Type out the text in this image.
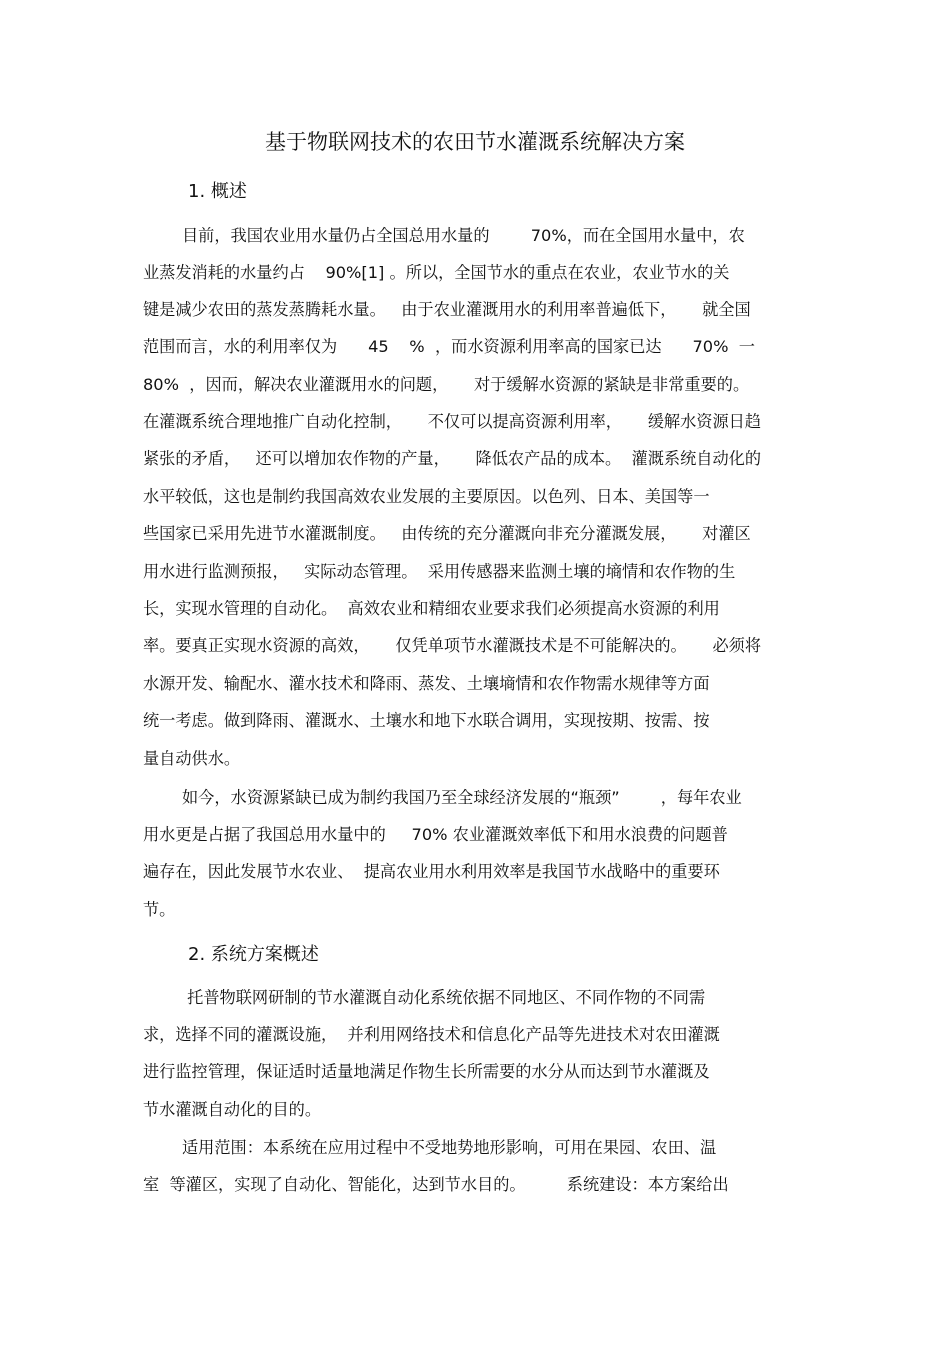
基于物联网技术的农田节水灌溉系统解决方案
1. 概述
目前，我国农业用水量仍占全国总用水量的        70%，而在全国用水量中，农
业蒸发消耗的水量约占    90%[1] 。所以，全国节水的重点在农业，农业节水的关
键是减少农田的蒸发蒸腾耗水量。   由于农业灌溉用水的利用率普遍低下，     就全国
范围而言，水的利用率仅为      45    %  ，而水资源利用率高的国家已达      70%  一
80%  ，因而，解决农业灌溉用水的问题，     对于缓解水资源的紧缺是非常重要的。
在灌溉系统合理地推广自动化控制，     不仅可以提高资源利用率，     缓解水资源日趋
紧张的矛盾，   还可以增加农作物的产量，     降低农产品的成本。  灌溉系统自动化的
水平较低，这也是制约我国高效农业发展的主要原因。以色列、日本、美国等一
些国家已采用先进节水灌溉制度。   由传统的充分灌溉向非充分灌溉发展，     对灌区
用水进行监测预报，   实际动态管理。  采用传感器来监测土壤的墒情和农作物的生
长，实现水管理的自动化。  高效农业和精细农业要求我们必须提高水资源的利用
率。要真正实现水资源的高效，     仅凭单项节水灌溉技术是不可能解决的。     必须将
水源开发、输配水、灌水技术和降雨、蒸发、土壤墒情和农作物需水规律等方面
统一考虑。做到降雨、灌溉水、土壤水和地下水联合调用，实现按期、按需、按
量自动供水。
如今，水资源紧缺已成为制约我国乃至全球经济发展的“瓶颈”        ，每年农业
用水更是占据了我国总用水量中的     70% 农业灌溉效率低下和用水浪费的问题普
遍存在，因此发展节水农业、  提高农业用水利用效率是我国节水战略中的重要环
节。
2. 系统方案概述
托普物联网研制的节水灌溉自动化系统依据不同地区、不同作物的不同需
求，选择不同的灌溉设施，  并利用网络技术和信息化产品等先进技术对农田灌溉
进行监控管理，保证适时适量地满足作物生长所需要的水分从而达到节水灌溉及
节水灌溉自动化的目的。
适用范围：本系统在应用过程中不受地势地形影响，可用在果园、农田、温
室  等灌区，实现了自动化、智能化，达到节水目的。        系统建设：本方案给出
